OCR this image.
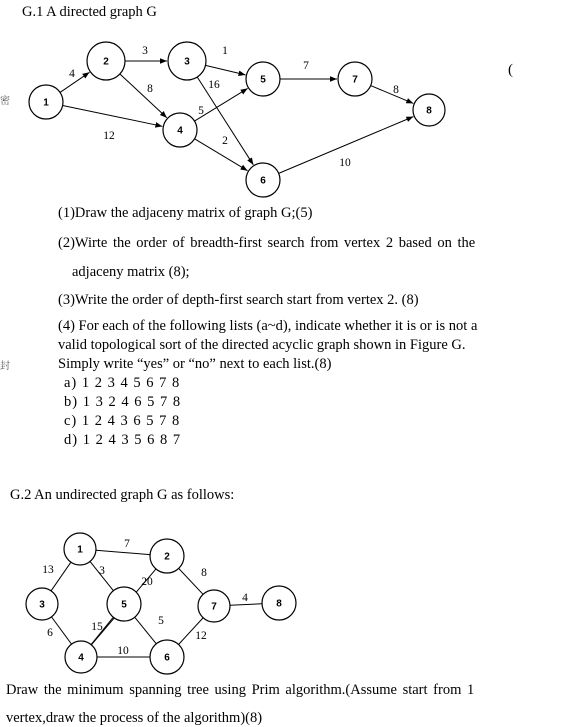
密
封
(
G.1 A directed graph G
4
3
8
12
1
16
5
2
7
8
10
1
2	3
4
5
6
7
8
(1)Draw the adjaceny matrix of graph G;(5)
(2)Wirte the order of breadth-first search from vertex 2 based on the
adjaceny matrix (8);
(3)Write the order of depth-first search start from vertex 2. (8)
(4) For each of the following lists (a~d), indicate whether it is or is not a
valid topological sort of the directed acyclic graph shown in Figure G.
Simply write “yes” or “no” next to each list.(8)
a) 1 2 3 4 5 6 7 8
b) 1 3 2 4 6 5 7 8
c) 1 2 4 3 6 5 7 8
d) 1 2 4 3 5 6 8 7
G.2 An undirected graph G as follows:
7
13	3
20
8
6	15	5
10
12
4
1
2
3
4
5
6
7	8
Draw the minimum spanning tree using Prim algorithm.(Assume start from 1
vertex,draw the process of the algorithm)(8)
